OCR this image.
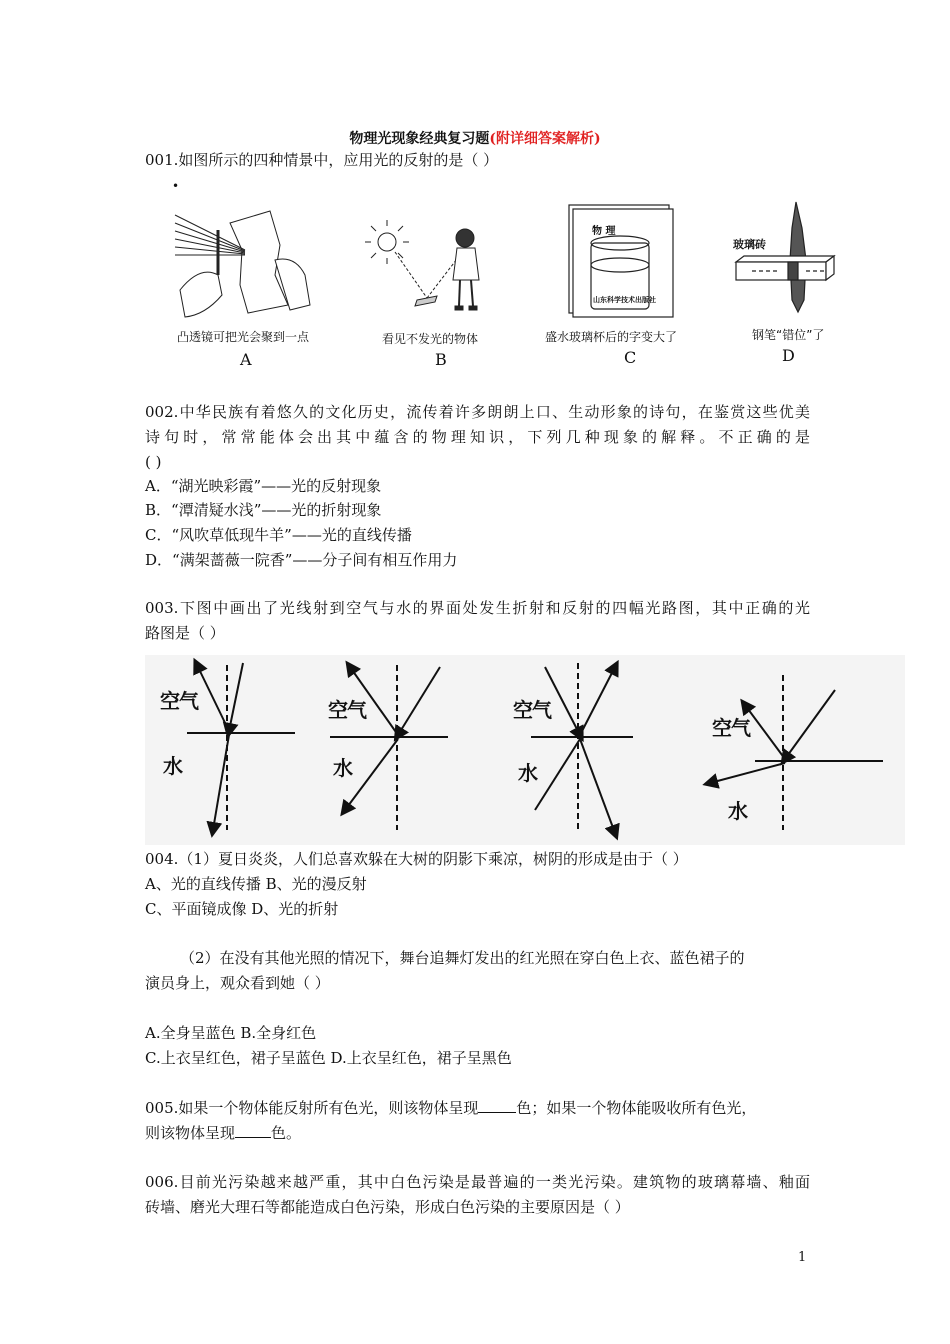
物理光现象经典复习题(附详细答案解析)
001.如图所示的四种情景中，应用光的反射的是（ ）
•
凸透镜可把光会聚到一点
A
看见不发光的物体
B
物 理
山东科学技术出版社
盛水玻璃杯后的字变大了
C
玻璃砖
钢笔“错位”了
D
002.中华民族有着悠久的文化历史，流传着许多朗朗上口、生动形象的诗句，在鉴赏这些优美
诗句时，常常能体会出其中蕴含的物理知识，下列几种现象的解释。不正确的是
( )
A．“湖光映彩霞”——光的反射现象
B．“潭清疑水浅”——光的折射现象
C．“风吹草低现牛羊”——光的直线传播
D．“满架蔷薇一院香”——分子间有相互作用力
003.下图中画出了光线射到空气与水的界面处发生折射和反射的四幅光路图，其中正确的光
路图是（ ）
空气
水
空气
水
空气
水
空气
水
004.（1）夏日炎炎，人们总喜欢躲在大树的阴影下乘凉，树阴的形成是由于（ ）
A、光的直线传播 B、光的漫反射
C、平面镜成像 D、光的折射
（2）在没有其他光照的情况下，舞台追舞灯发出的红光照在穿白色上衣、蓝色裙子的
演员身上，观众看到她（ ）
A.全身呈蓝色 B.全身红色
C.上衣呈红色，裙子呈蓝色 D.上衣呈红色，裙子呈黑色
005.如果一个物体能反射所有色光，则该物体呈现	色；如果一个物体能吸收所有色光，
则该物体呈现 色。
006.目前光污染越来越严重，其中白色污染是最普遍的一类光污染。建筑物的玻璃幕墙、釉面
砖墙、磨光大理石等都能造成白色污染，形成白色污染的主要原因是（ ）
1
